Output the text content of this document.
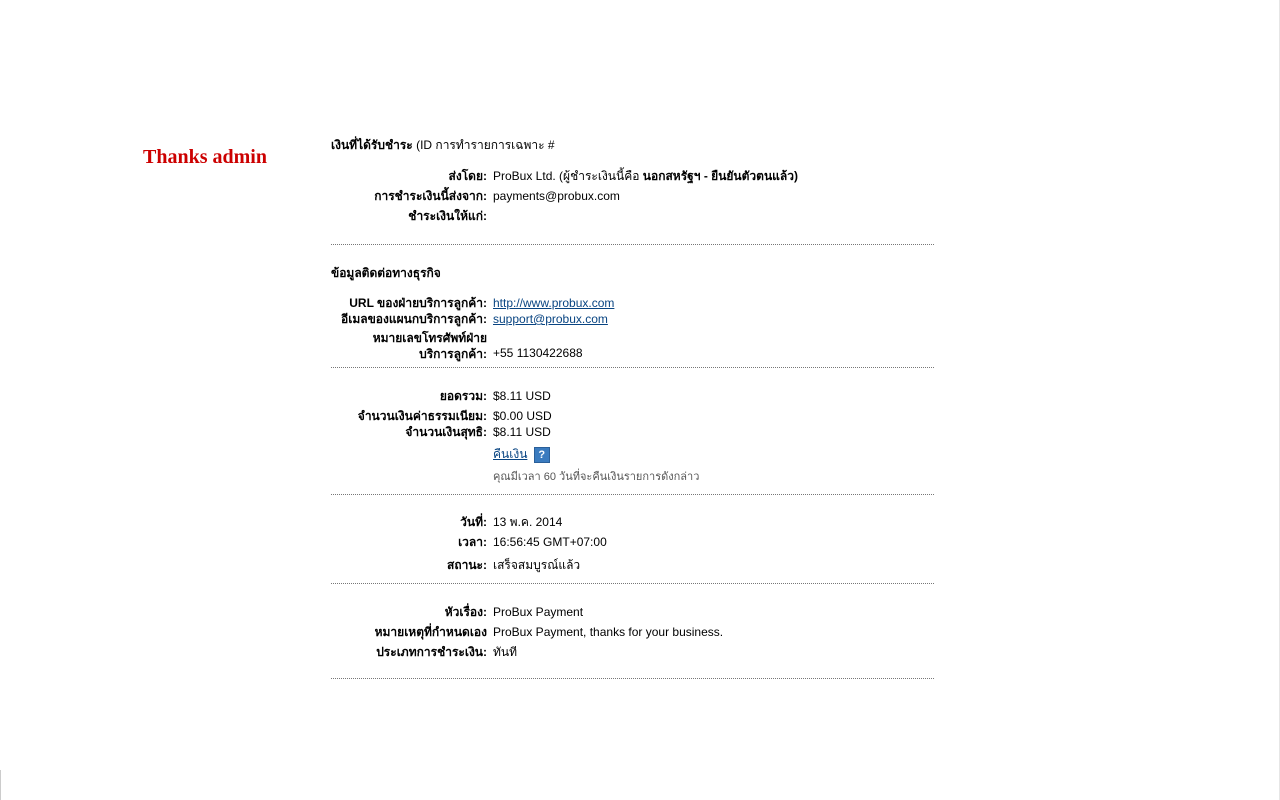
Thanks admin
เงินที่ได้รับชำระ (ID การทำรายการเฉพาะ #
ส่งโดย: ProBux Ltd. (ผู้ชำระเงินนี้คือ นอกสหรัฐฯ - ยืนยันตัวตนแล้ว)
การชำระเงินนี้ส่งจาก: payments@probux.com
ชำระเงินให้แก่:
ข้อมูลติดต่อทางธุรกิจ
URL ของฝ่ายบริการลูกค้า: http://www.probux.com
อีเมลของแผนกบริการลูกค้า: support@probux.com
หมายเลขโทรศัพท์ฝ่าย
บริการลูกค้า: +55 1130422688
ยอดรวม: $8.11 USD
จำนวนเงินค่าธรรมเนียม: $0.00 USD
จำนวนเงินสุทธิ: $8.11 USD
คืนเงิน ?
คุณมีเวลา 60 วันที่จะคืนเงินรายการดังกล่าว
วันที่: 13 พ.ค. 2014
เวลา: 16:56:45 GMT+07:00
สถานะ: เสร็จสมบูรณ์แล้ว
หัวเรื่อง: ProBux Payment
หมายเหตุที่กำหนดเอง ProBux Payment, thanks for your business.
ประเภทการชำระเงิน: ทันที
